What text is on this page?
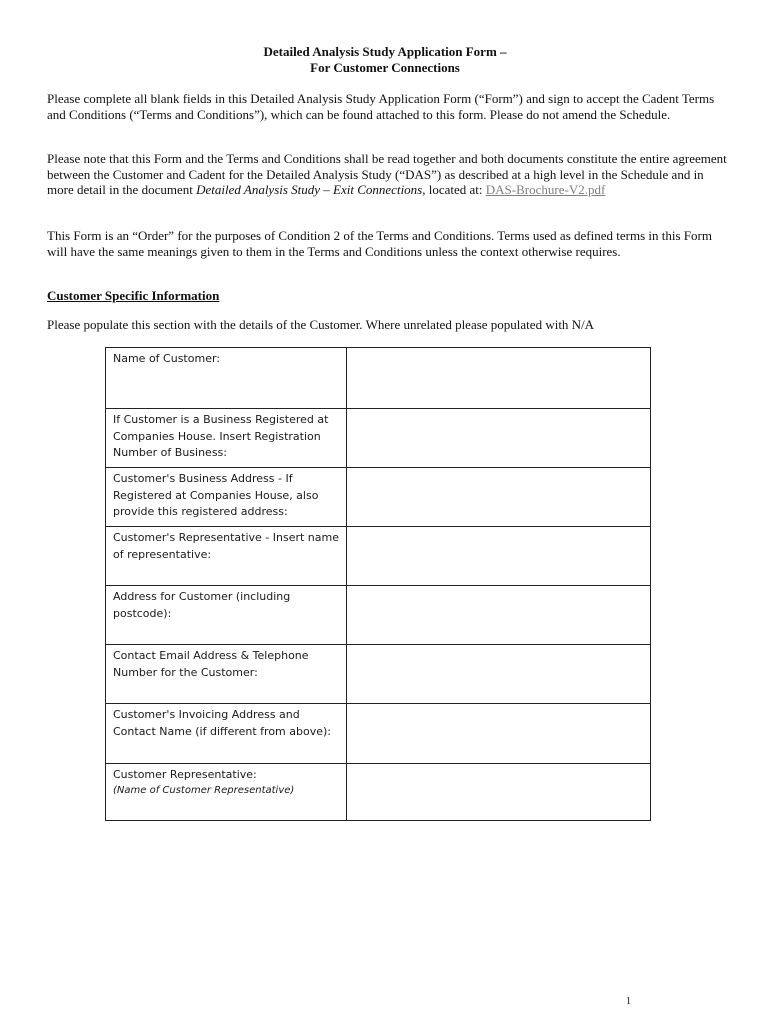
Detailed Analysis Study Application Form –
For Customer Connections
Please complete all blank fields in this Detailed Analysis Study Application Form (“Form”) and sign to accept the Cadent Terms and Conditions (“Terms and Conditions”), which can be found attached to this form. Please do not amend the Schedule.
Please note that this Form and the Terms and Conditions shall be read together and both documents constitute the entire agreement between the Customer and Cadent for the Detailed Analysis Study (“DAS”) as described at a high level in the Schedule and in more detail in the document Detailed Analysis Study – Exit Connections, located at: DAS-Brochure-V2.pdf
This Form is an “Order” for the purposes of Condition 2 of the Terms and Conditions. Terms used as defined terms in this Form will have the same meanings given to them in the Terms and Conditions unless the context otherwise requires.
Customer Specific Information
Please populate this section with the details of the Customer. Where unrelated please populated with N/A
Name of Customer:	
If Customer is a Business Registered at Companies House. Insert Registration Number of Business:	
Customer's Business Address - If Registered at Companies House, also provide this registered address:	
Customer's Representative - Insert name of representative:	
Address for Customer (including postcode):	
Contact Email Address & Telephone Number for the Customer:	
Customer's Invoicing Address and Contact Name (if different from above):	
Customer Representative:
(Name of Customer Representative)	

1
